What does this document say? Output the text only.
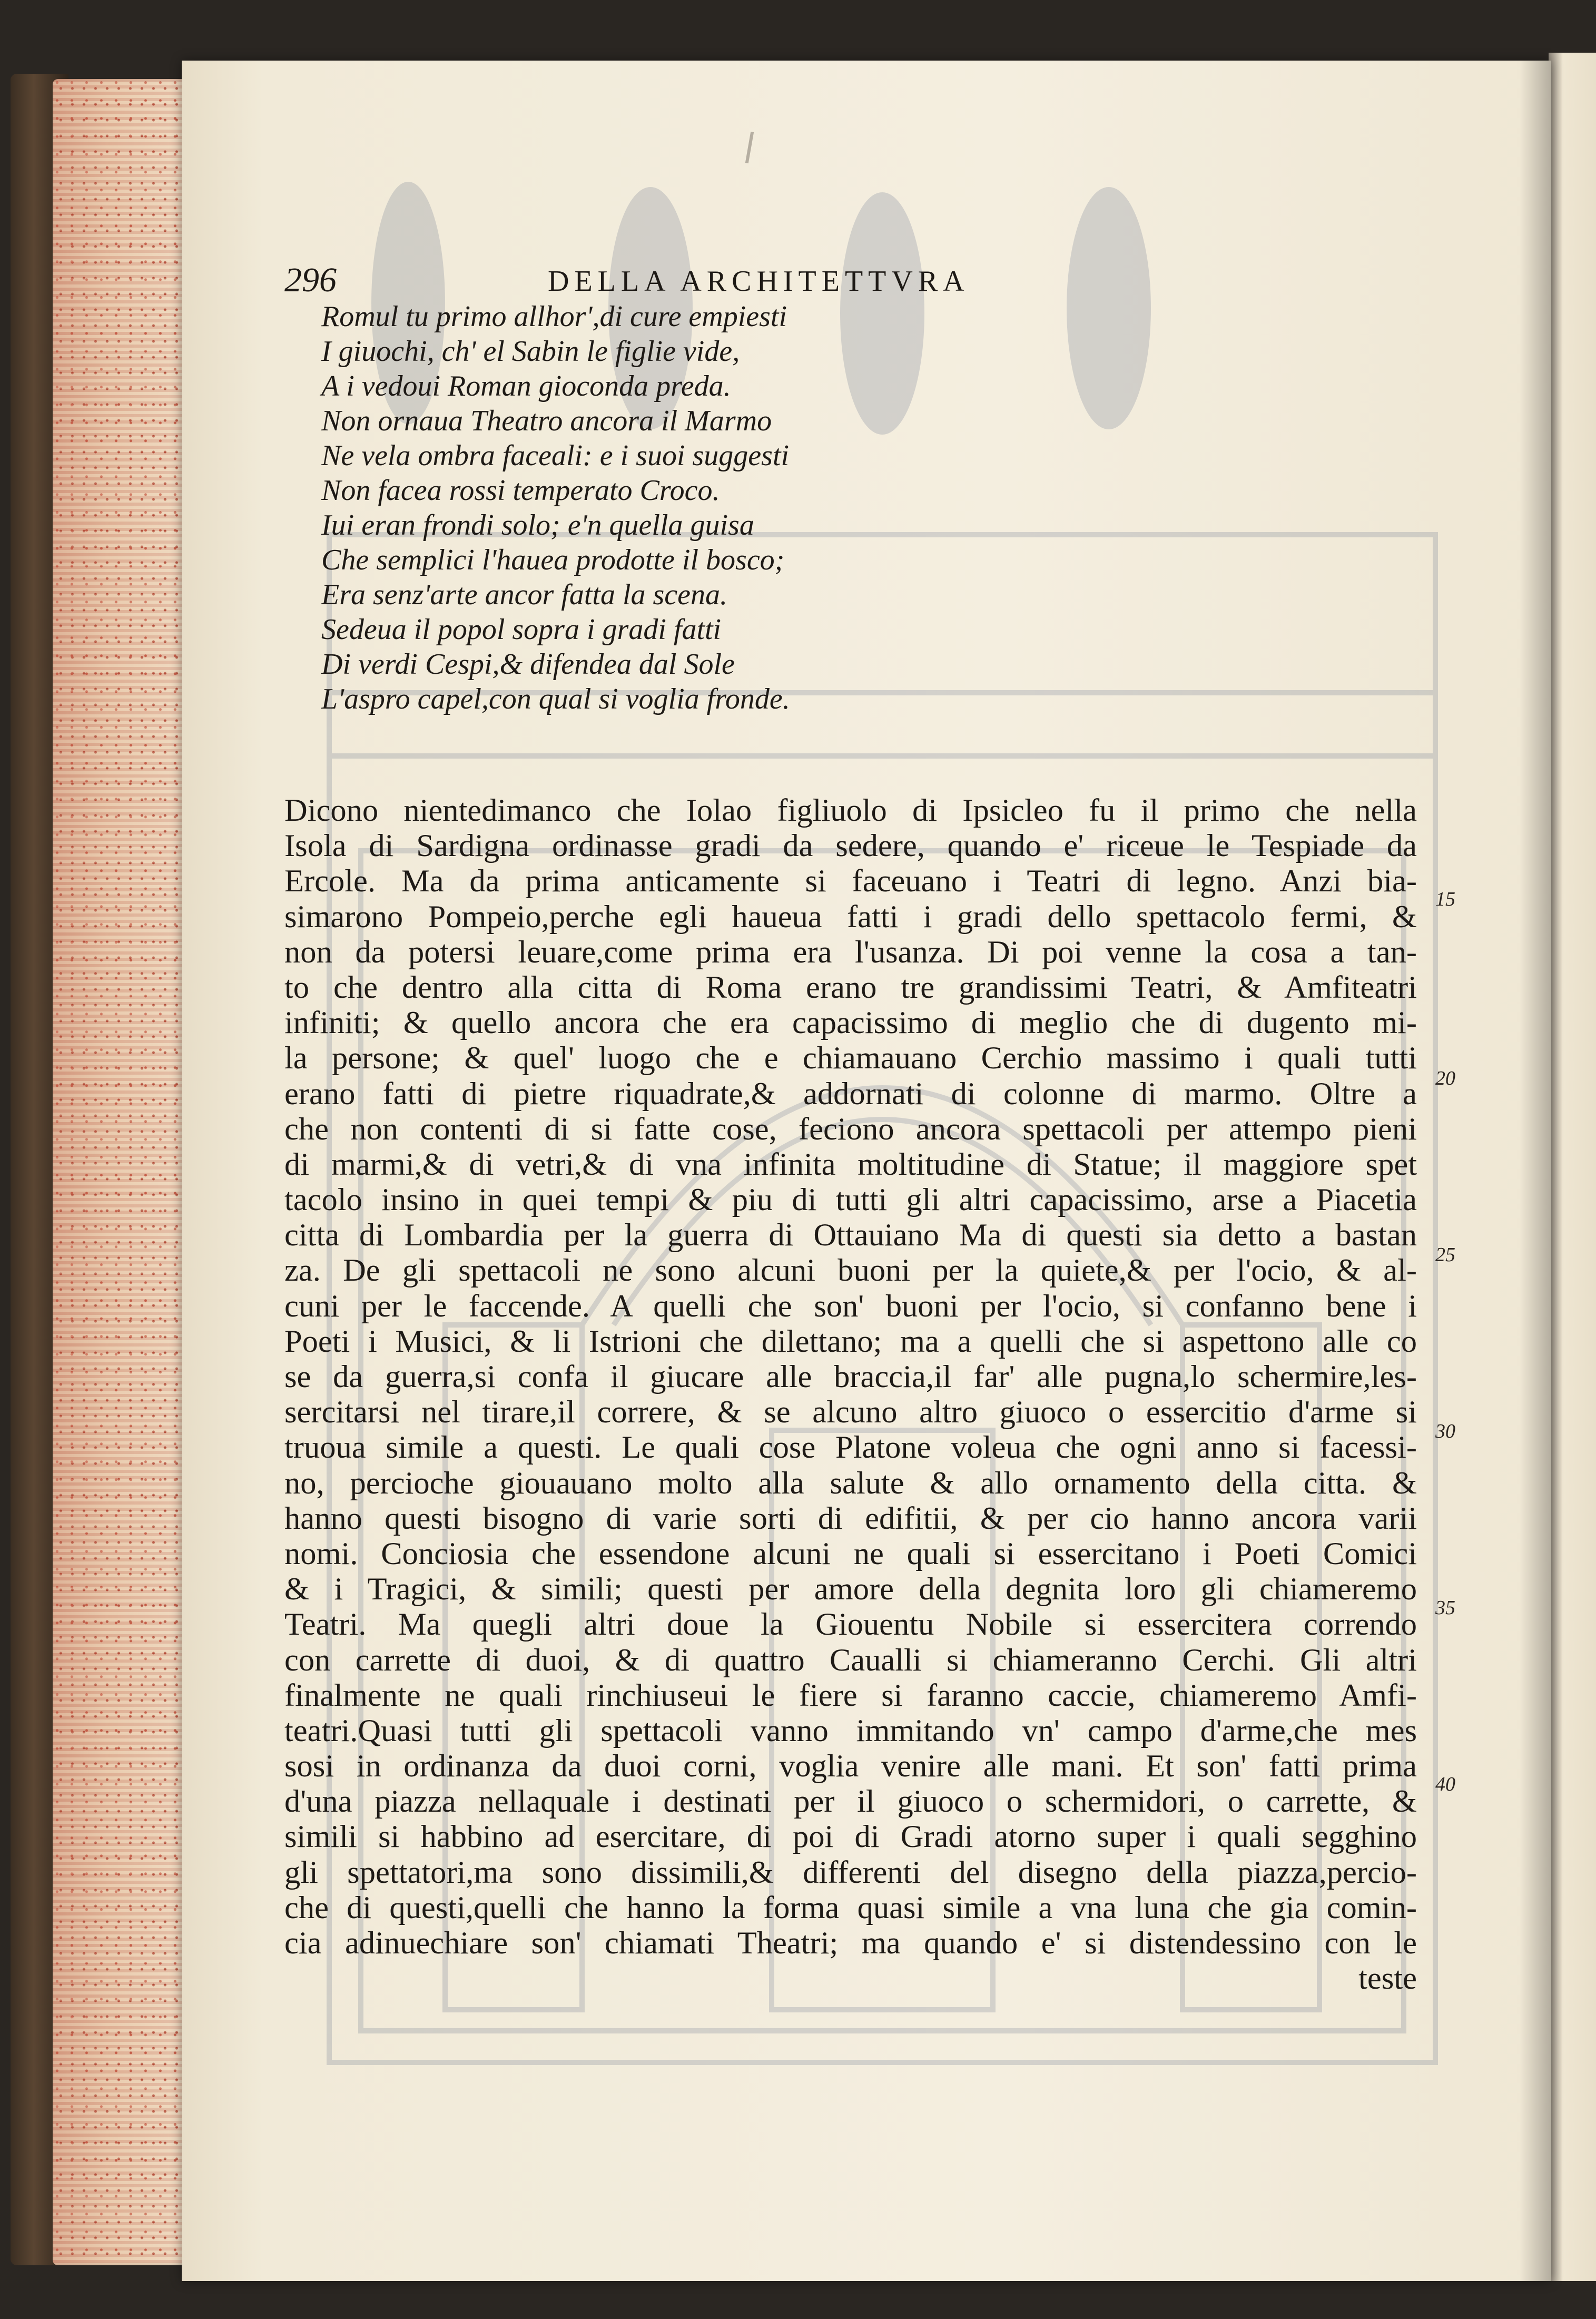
296	DELLA ARCHITETTVRA
Romul tu primo allhor',di cure empiesti
I giuochi, ch' el Sabin le figlie vide,
A i vedoui Roman gioconda preda.
Non ornaua Theatro ancora il Marmo
Ne vela ombra faceali: e i suoi suggesti
Non facea rossi temperato Croco.
Iui eran frondi solo; e'n quella guisa
Che semplici l'hauea prodotte il bosco;
Era senz'arte ancor fatta la scena.
Sedeua il popol sopra i gradi fatti
Di verdi Cespi,& difendea dal Sole
L'aspro capel,con qual si voglia fronde.
Dicono nientedimanco che Iolao figliuolo di Ipsicleo fu il primo che nella
Isola di Sardigna ordinasse gradi da sedere, quando e' riceue le Tespiade da
Ercole. Ma da prima anticamente si faceuano i Teatri di legno. Anzi bia-
simarono Pompeio,perche egli haueua fatti i gradi dello spettacolo fermi, &
non da potersi leuare,come prima era l'usanza. Di poi venne la cosa a tan-
to che dentro alla citta di Roma erano tre grandissimi Teatri, & Amfiteatri
infiniti; & quello ancora che era capacissimo di meglio che di dugento mi-
la persone; & quel' luogo che e chiamauano Cerchio massimo i quali tutti
erano fatti di pietre riquadrate,& addornati di colonne di marmo. Oltre a
che non contenti di si fatte cose, feciono ancora spettacoli per attempo pieni
di marmi,& di vetri,& di vna infinita moltitudine di Statue; il maggiore spet
tacolo insino in quei tempi & piu di tutti gli altri capacissimo, arse a Piacetia
citta di Lombardia per la guerra di Ottauiano Ma di questi sia detto a bastan
za. De gli spettacoli ne sono alcuni buoni per la quiete,& per l'ocio, & al-
cuni per le faccende. A quelli che son' buoni per l'ocio, si confanno bene i
Poeti i Musici, & li Istrioni che dilettano; ma a quelli che si aspettono alle co
se da guerra,si confa il giucare alle braccia,il far' alle pugna,lo schermire,les-
sercitarsi nel tirare,il correre, & se alcuno altro giuoco o essercitio d'arme si
truoua simile a questi. Le quali cose Platone voleua che ogni anno si facessi-
no, percioche giouauano molto alla salute & allo ornamento della citta. &
hanno questi bisogno di varie sorti di edifitii, & per cio hanno ancora varii
nomi. Conciosia che essendone alcuni ne quali si essercitano i Poeti Comici
& i Tragici, & simili; questi per amore della degnita loro gli chiameremo
Teatri. Ma quegli altri doue la Giouentu Nobile si essercitera correndo
con carrette di duoi, & di quattro Caualli si chiameranno Cerchi. Gli altri
finalmente ne quali rinchiuseui le fiere si faranno caccie, chiameremo Amfi-
teatri.Quasi tutti gli spettacoli vanno immitando vn' campo d'arme,che mes
sosi in ordinanza da duoi corni, voglia venire alle mani. Et son' fatti prima
d'una piazza nellaquale i destinati per il giuoco o schermidori, o carrette, &
simili si habbino ad esercitare, di poi di Gradi atorno super i quali segghino
gli spettatori,ma sono dissimili,& differenti del disegno della piazza,percio-
che di questi,quelli che hanno la forma quasi simile a vna luna che gia comin-
cia adinuechiare son' chiamati Theatri; ma quando e' si distendessino con le
teste
15
20
25
30
35
40
